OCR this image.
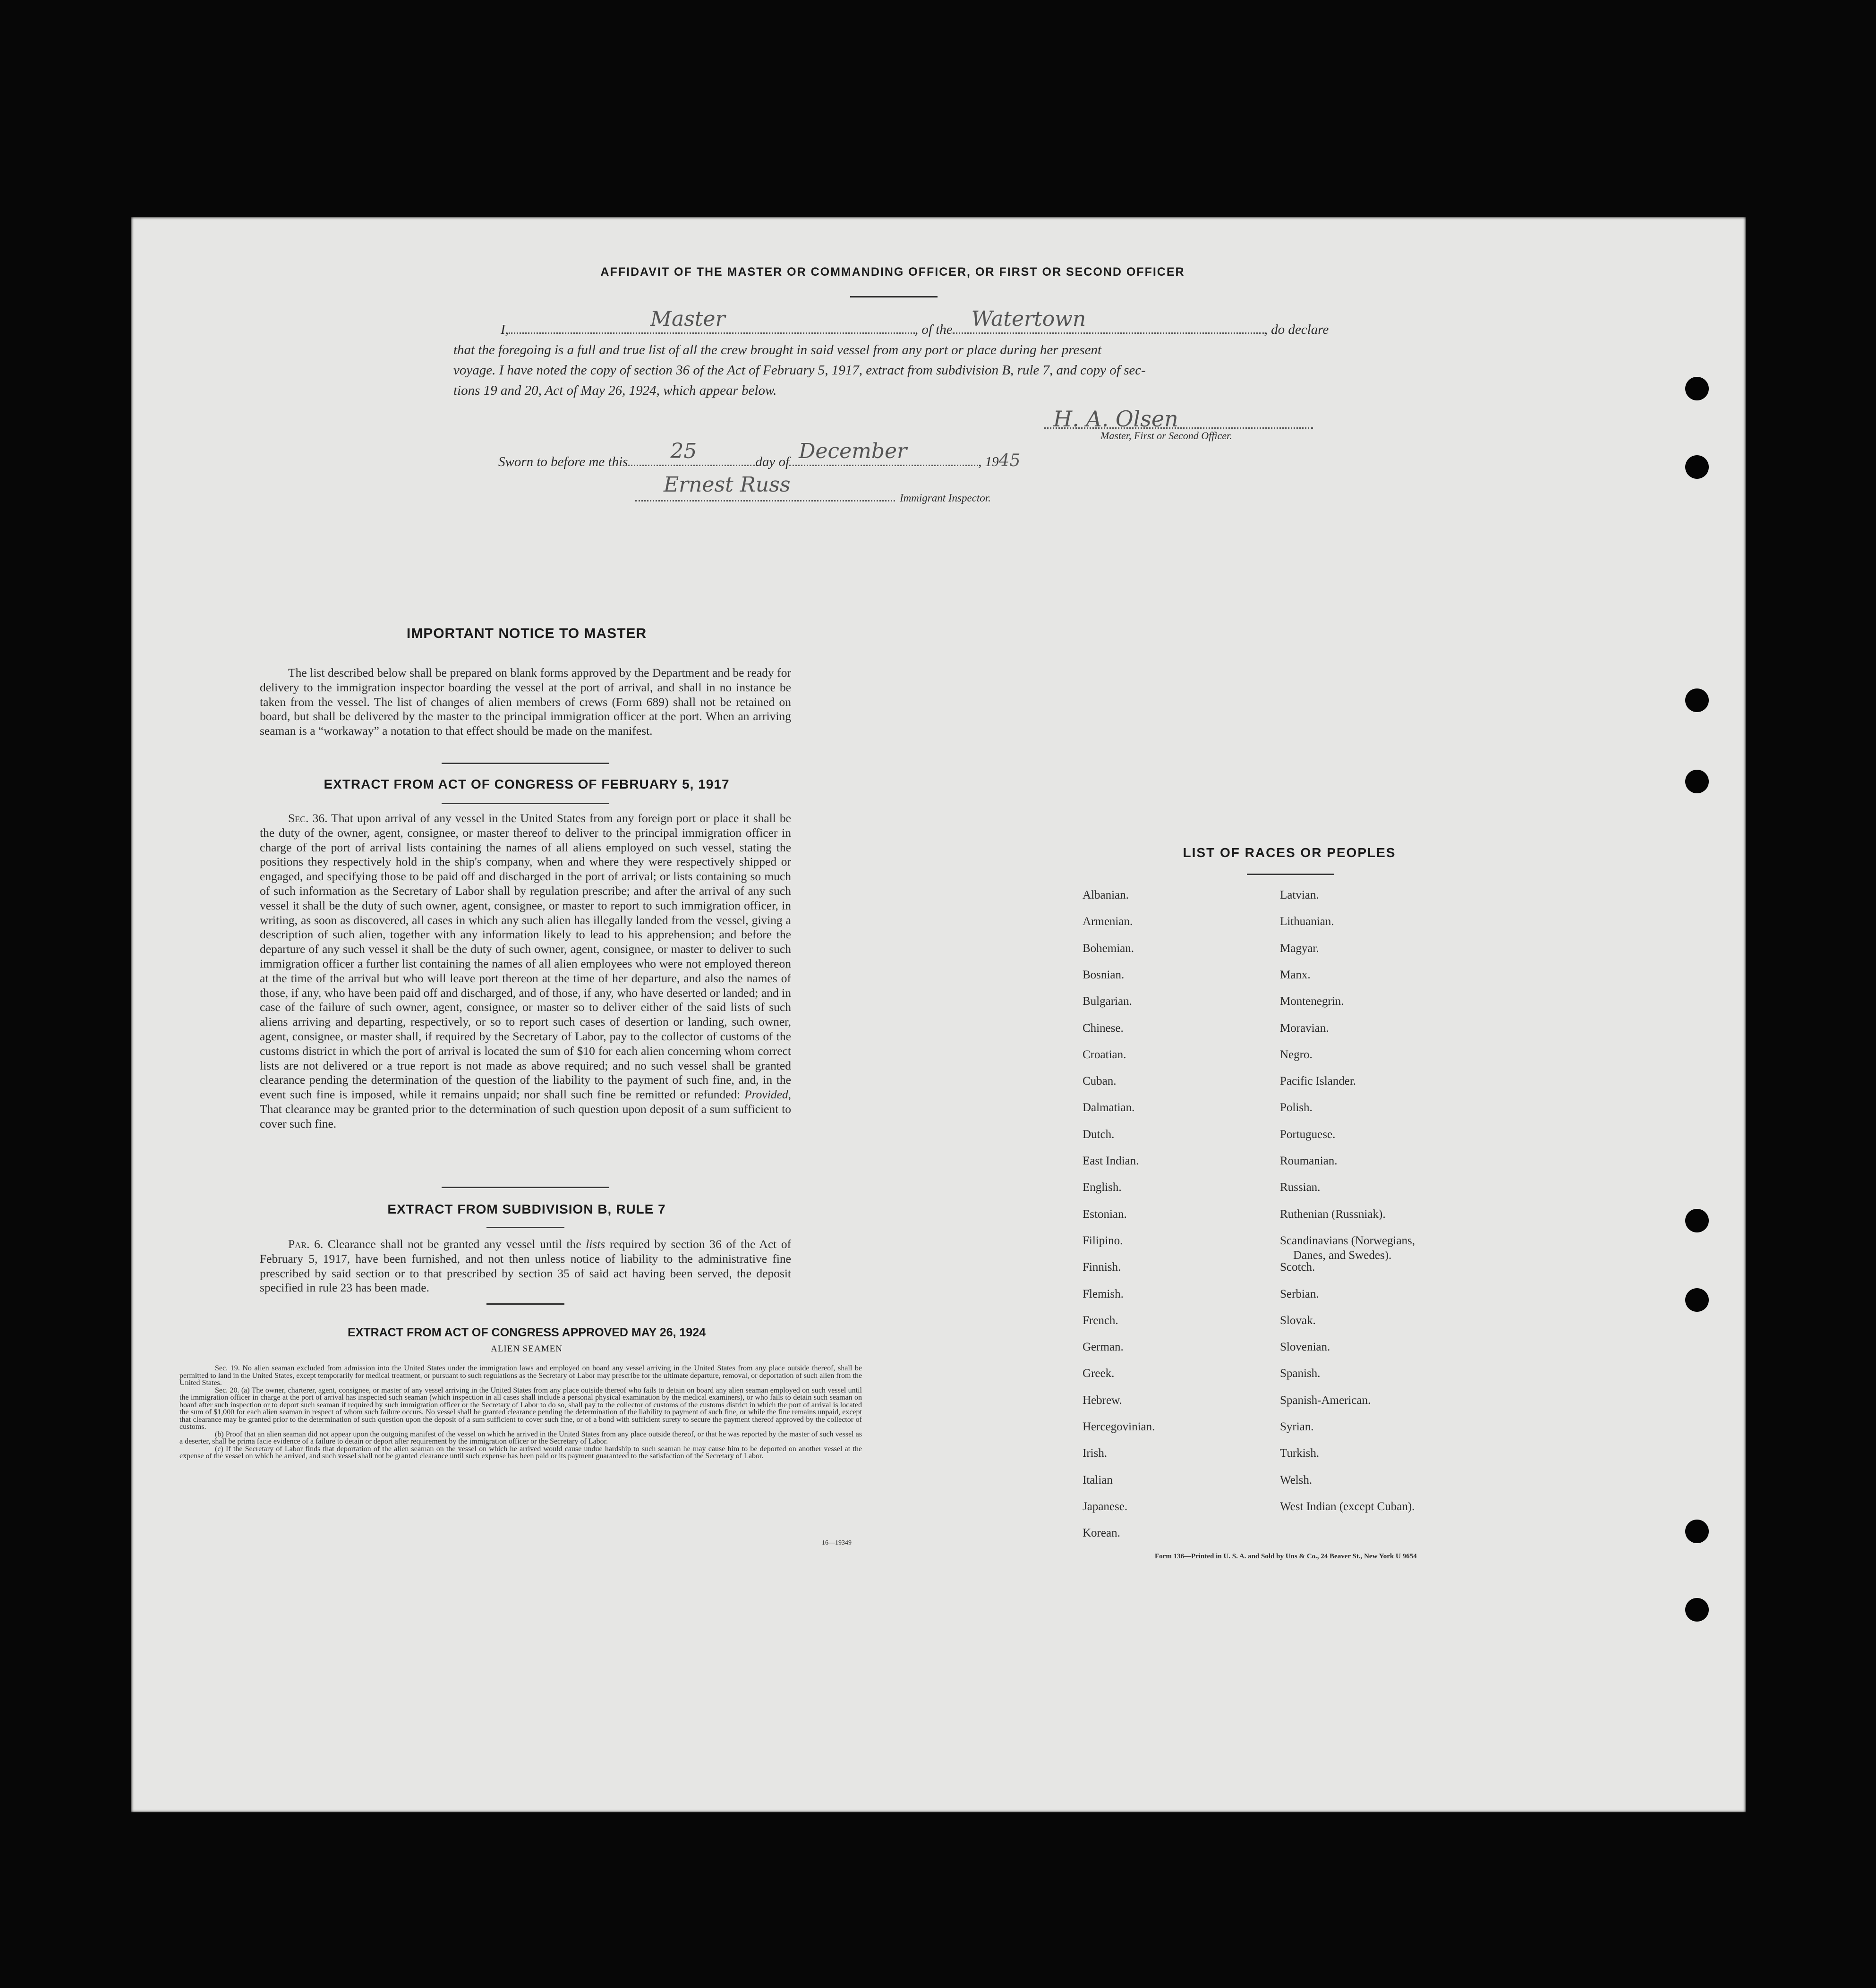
AFFIDAVIT OF THE MASTER OR COMMANDING OFFICER, OR FIRST OR SECOND OFFICER
I,	Master	, of the Watertown	, do declare
that the foregoing is a full and true list of all the crew brought in said vessel from any port or place during her present
voyage. I have noted the copy of section 36 of the Act of February 5, 1917, extract from subdivision B, rule 7, and copy of sec-
tions 19 and 20, Act of May 26, 1924, which appear below.
H. A. Olsen
Master, First or Second Officer.
Sworn to before me this 25	day of December	, 1945
Ernest Russ
Immigrant Inspector.
IMPORTANT NOTICE TO MASTER
The list described below shall be prepared on blank forms approved by the Department and be ready for delivery to the immigration inspector boarding the vessel at the port of arrival, and shall in no instance be taken from the vessel. The list of changes of alien members of crews (Form 689) shall not be retained on board, but shall be delivered by the master to the principal immigration officer at the port. When an arriving seaman is a “workaway” a notation to that effect should be made on the manifest.
EXTRACT FROM ACT OF CONGRESS OF FEBRUARY 5, 1917
Sec. 36. That upon arrival of any vessel in the United States from any foreign port or place it shall be the duty of the owner, agent, consignee, or master thereof to deliver to the principal immigration officer in charge of the port of arrival lists containing the names of all aliens employed on such vessel, stating the positions they respectively hold in the ship's company, when and where they were respectively shipped or engaged, and specifying those to be paid off and discharged in the port of arrival; or lists containing so much of such information as the Secretary of Labor shall by regulation prescribe; and after the arrival of any such vessel it shall be the duty of such owner, agent, consignee, or master to report to such immigration officer, in writing, as soon as discovered, all cases in which any such alien has illegally landed from the vessel, giving a description of such alien, together with any information likely to lead to his apprehension; and before the departure of any such vessel it shall be the duty of such owner, agent, consignee, or master to deliver to such immigration officer a further list containing the names of all alien employees who were not employed thereon at the time of the arrival but who will leave port thereon at the time of her departure, and also the names of those, if any, who have been paid off and discharged, and of those, if any, who have deserted or landed; and in case of the failure of such owner, agent, consignee, or master so to deliver either of the said lists of such aliens arriving and departing, respectively, or so to report such cases of desertion or landing, such owner, agent, consignee, or master shall, if required by the Secretary of Labor, pay to the collector of customs of the customs district in which the port of arrival is located the sum of $10 for each alien concerning whom correct lists are not delivered or a true report is not made as above required; and no such vessel shall be granted clearance pending the determination of the question of the liability to the payment of such fine, and, in the event such fine is imposed, while it remains unpaid; nor shall such fine be remitted or refunded: Provided, That clearance may be granted prior to the determination of such question upon deposit of a sum sufficient to cover such fine.
EXTRACT FROM SUBDIVISION B, RULE 7
Par. 6. Clearance shall not be granted any vessel until the lists required by section 36 of the Act of February 5, 1917, have been furnished, and not then unless notice of liability to the administrative fine prescribed by said section or to that prescribed by section 35 of said act having been served, the deposit specified in rule 23 has been made.
EXTRACT FROM ACT OF CONGRESS APPROVED MAY 26, 1924
ALIEN SEAMEN
Sec. 19. No alien seaman excluded from admission into the United States under the immigration laws and employed on board any vessel arriving in the United States from any place outside thereof, shall be permitted to land in the United States, except temporarily for medical treatment, or pursuant to such regulations as the Secretary of Labor may prescribe for the ultimate departure, removal, or deportation of such alien from the United States.
Sec. 20. (a) The owner, charterer, agent, consignee, or master of any vessel arriving in the United States from any place outside thereof who fails to detain on board any alien seaman employed on such vessel until the immigration officer in charge at the port of arrival has inspected such seaman (which inspection in all cases shall include a personal physical examination by the medical examiners), or who fails to detain such seaman on board after such inspection or to deport such seaman if required by such immigration officer or the Secretary of Labor to do so, shall pay to the collector of customs of the customs district in which the port of arrival is located the sum of $1,000 for each alien seaman in respect of whom such failure occurs. No vessel shall be granted clearance pending the determination of the liability to payment of such fine, or while the fine remains unpaid, except that clearance may be granted prior to the determination of such question upon the deposit of a sum sufficient to cover such fine, or of a bond with sufficient surety to secure the payment thereof approved by the collector of customs.
(b) Proof that an alien seaman did not appear upon the outgoing manifest of the vessel on which he arrived in the United States from any place outside thereof, or that he was reported by the master of such vessel as a deserter, shall be prima facie evidence of a failure to detain or deport after requirement by the immigration officer or the Secretary of Labor.
(c) If the Secretary of Labor finds that deportation of the alien seaman on the vessel on which he arrived would cause undue hardship to such seaman he may cause him to be deported on another vessel at the expense of the vessel on which he arrived, and such vessel shall not be granted clearance until such expense has been paid or its payment guaranteed to the satisfaction of the Secretary of Labor.
16—19349
LIST OF RACES OR PEOPLES
Albanian.
Armenian.
Bohemian.
Bosnian.
Bulgarian.
Chinese.
Croatian.
Cuban.
Dalmatian.
Dutch.
East Indian.
English.
Estonian.
Filipino.
Finnish.
Flemish.
French.
German.
Greek.
Hebrew.
Hercegovinian.
Irish.
Italian
Japanese.
Korean.
Latvian.
Lithuanian.
Magyar.
Manx.
Montenegrin.
Moravian.
Negro.
Pacific Islander.
Polish.
Portuguese.
Roumanian.
Russian.
Ruthenian (Russniak).
Scandinavians (Norwegians,
Danes, and Swedes).
Scotch.
Serbian.
Slovak.
Slovenian.
Spanish.
Spanish-American.
Syrian.
Turkish.
Welsh.
West Indian (except Cuban).
Form 136—Printed in U. S. A. and Sold by Uns & Co., 24 Beaver St., New York U 9654
